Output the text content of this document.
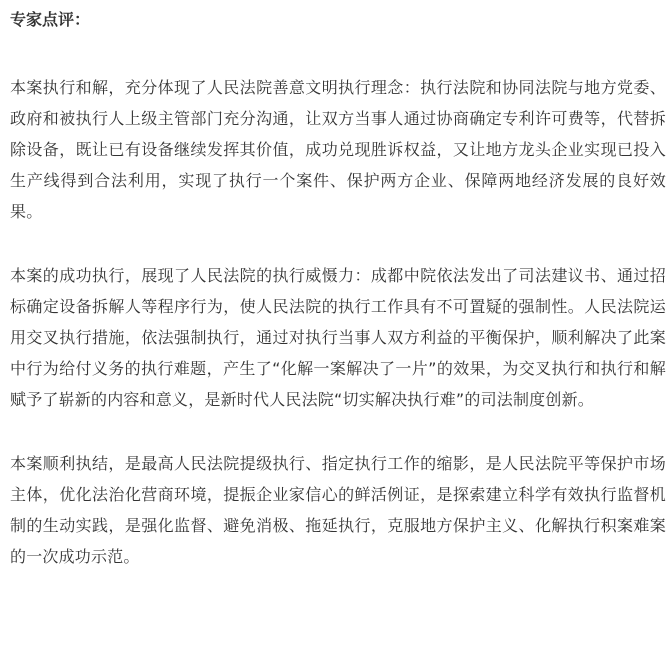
专家点评：

本案执行和解，充分体现了人民法院善意文明执行理念：执行法院和协同法院与地方党委、政府和被执行人上级主管部门充分沟通，让双方当事人通过协商确定专利许可费等，代替拆除设备，既让已有设备继续发挥其价值，成功兑现胜诉权益，又让地方龙头企业实现已投入生产线得到合法利用，实现了执行一个案件、保护两方企业、保障两地经济发展的良好效果。

本案的成功执行，展现了人民法院的执行威慑力：成都中院依法发出了司法建议书、通过招标确定设备拆解人等程序行为，使人民法院的执行工作具有不可置疑的强制性。人民法院运用交叉执行措施，依法强制执行，通过对执行当事人双方利益的平衡保护，顺利解决了此案中行为给付义务的执行难题，产生了“化解一案解决了一片”的效果，为交叉执行和执行和解赋予了崭新的内容和意义，是新时代人民法院“切实解决执行难”的司法制度创新。

本案顺利执结，是最高人民法院提级执行、指定执行工作的缩影，是人民法院平等保护市场主体，优化法治化营商环境，提振企业家信心的鲜活例证，是探索建立科学有效执行监督机制的生动实践，是强化监督、避免消极、拖延执行，克服地方保护主义、化解执行积案难案的一次成功示范。
